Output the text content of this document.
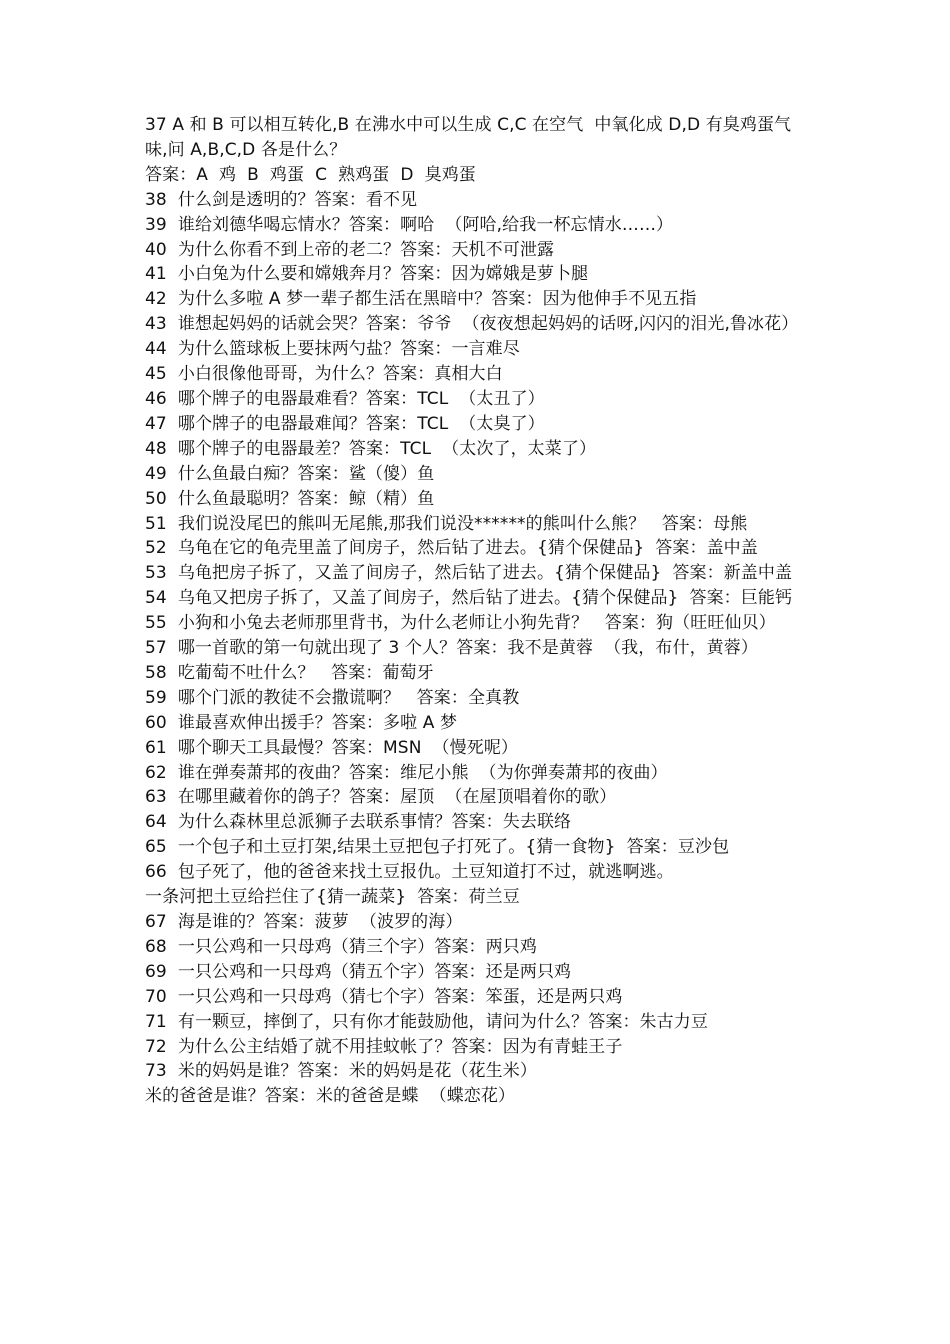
37 A 和 B 可以相互转化,B 在沸水中可以生成 C,C 在空气  中氧化成 D,D 有臭鸡蛋气味,问 A,B,C,D 各是什么？
答案：A  鸡  B  鸡蛋  C  熟鸡蛋  D  臭鸡蛋
38  什么剑是透明的？答案：看不见
39  谁给刘德华喝忘情水？答案：啊哈  （阿哈,给我一杯忘情水……）
40  为什么你看不到上帝的老二？答案：天机不可泄露
41  小白兔为什么要和嫦娥奔月？答案：因为嫦娥是萝卜腿
42  为什么多啦 A 梦一辈子都生活在黑暗中？答案：因为他伸手不见五指
43  谁想起妈妈的话就会哭？答案：爷爷  （夜夜想起妈妈的话呀,闪闪的泪光,鲁冰花）
44  为什么篮球板上要抹两勺盐？答案：一言难尽
45  小白很像他哥哥，为什么？答案：真相大白
46  哪个牌子的电器最难看？答案：TCL  （太丑了）
47  哪个牌子的电器最难闻？答案：TCL  （太臭了）
48  哪个牌子的电器最差？答案：TCL  （太次了，太菜了）
49  什么鱼最白痴？答案：鲨（傻）鱼
50  什么鱼最聪明？答案：鲸（精）鱼
51  我们说没尾巴的熊叫无尾熊,那我们说没******的熊叫什么熊？   答案：母熊
52  乌龟在它的龟壳里盖了间房子，然后钻了进去。{猜个保健品}  答案：盖中盖
53  乌龟把房子拆了，又盖了间房子，然后钻了进去。{猜个保健品}  答案：新盖中盖
54  乌龟又把房子拆了，又盖了间房子，然后钻了进去。{猜个保健品}  答案：巨能钙
55  小狗和小兔去老师那里背书，为什么老师让小狗先背？   答案：狗（旺旺仙贝）
57  哪一首歌的第一句就出现了 3 个人？答案：我不是黄蓉  （我，布什，黄蓉）
58  吃葡萄不吐什么？   答案：葡萄牙
59  哪个门派的教徒不会撒谎啊？   答案：全真教
60  谁最喜欢伸出援手？答案：多啦 A 梦
61  哪个聊天工具最慢？答案：MSN  （慢死呢）
62  谁在弹奏萧邦的夜曲？答案：维尼小熊  （为你弹奏萧邦的夜曲）
63  在哪里藏着你的鸽子？答案：屋顶  （在屋顶唱着你的歌）
64  为什么森林里总派狮子去联系事情？答案：失去联络
65  一个包子和土豆打架,结果土豆把包子打死了。{猜一食物}  答案：豆沙包
66  包子死了，他的爸爸来找土豆报仇。土豆知道打不过，就逃啊逃。
一条河把土豆给拦住了{猜一蔬菜}  答案：荷兰豆
67  海是谁的？答案：菠萝  （波罗的海）
68  一只公鸡和一只母鸡（猜三个字）答案：两只鸡
69  一只公鸡和一只母鸡（猜五个字）答案：还是两只鸡
70  一只公鸡和一只母鸡（猜七个字）答案：笨蛋，还是两只鸡
71  有一颗豆，摔倒了，只有你才能鼓励他，请问为什么？答案：朱古力豆
72  为什么公主结婚了就不用挂蚊帐了？答案：因为有青蛙王子
73  米的妈妈是谁？答案：米的妈妈是花（花生米）
米的爸爸是谁？答案：米的爸爸是蝶  （蝶恋花）
